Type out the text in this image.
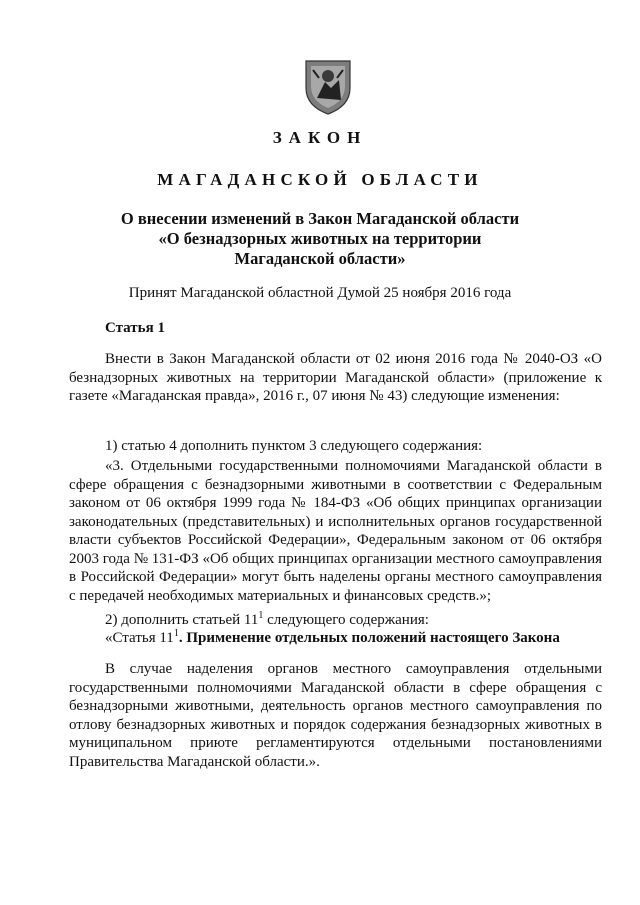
ЗАКОН
МАГАДАНСКОЙ ОБЛАСТИ
О внесении изменений в Закон Магаданской области
«О безнадзорных животных на территории
Магаданской области»
Принят Магаданской областной Думой 25 ноября 2016 года
Статья 1
Внести в Закон Магаданской области от 02 июня 2016 года № 2040-ОЗ «О безнадзорных животных на территории Магаданской области» (приложение к газете «Магаданская правда», 2016 г., 07 июня № 43) следующие изменения:
1) статью 4 дополнить пунктом 3 следующего содержания:
«3. Отдельными государственными полномочиями Магаданской области в сфере обращения с безнадзорными животными в соответствии с Федеральным законом от 06 октября 1999 года № 184-ФЗ «Об общих принципах организации законодательных (представительных) и исполнительных органов государственной власти субъектов Российской Федерации», Федеральным законом от 06 октября 2003 года № 131-ФЗ «Об общих принципах организации местного самоуправления в Российской Федерации» могут быть наделены органы местного самоуправления с передачей необходимых материальных и финансовых средств.»;
2) дополнить статьей $11^1$ следующего содержания:
«Статья $11^1$. Применение отдельных положений настоящего Закона
В случае наделения органов местного самоуправления отдельными государственными полномочиями Магаданской области в сфере обращения с безнадзорными животными, деятельность органов местного самоуправления по отлову безнадзорных животных и порядок содержания безнадзорных животных в муниципальном приюте регламентируются отдельными постановлениями Правительства Магаданской области.».
